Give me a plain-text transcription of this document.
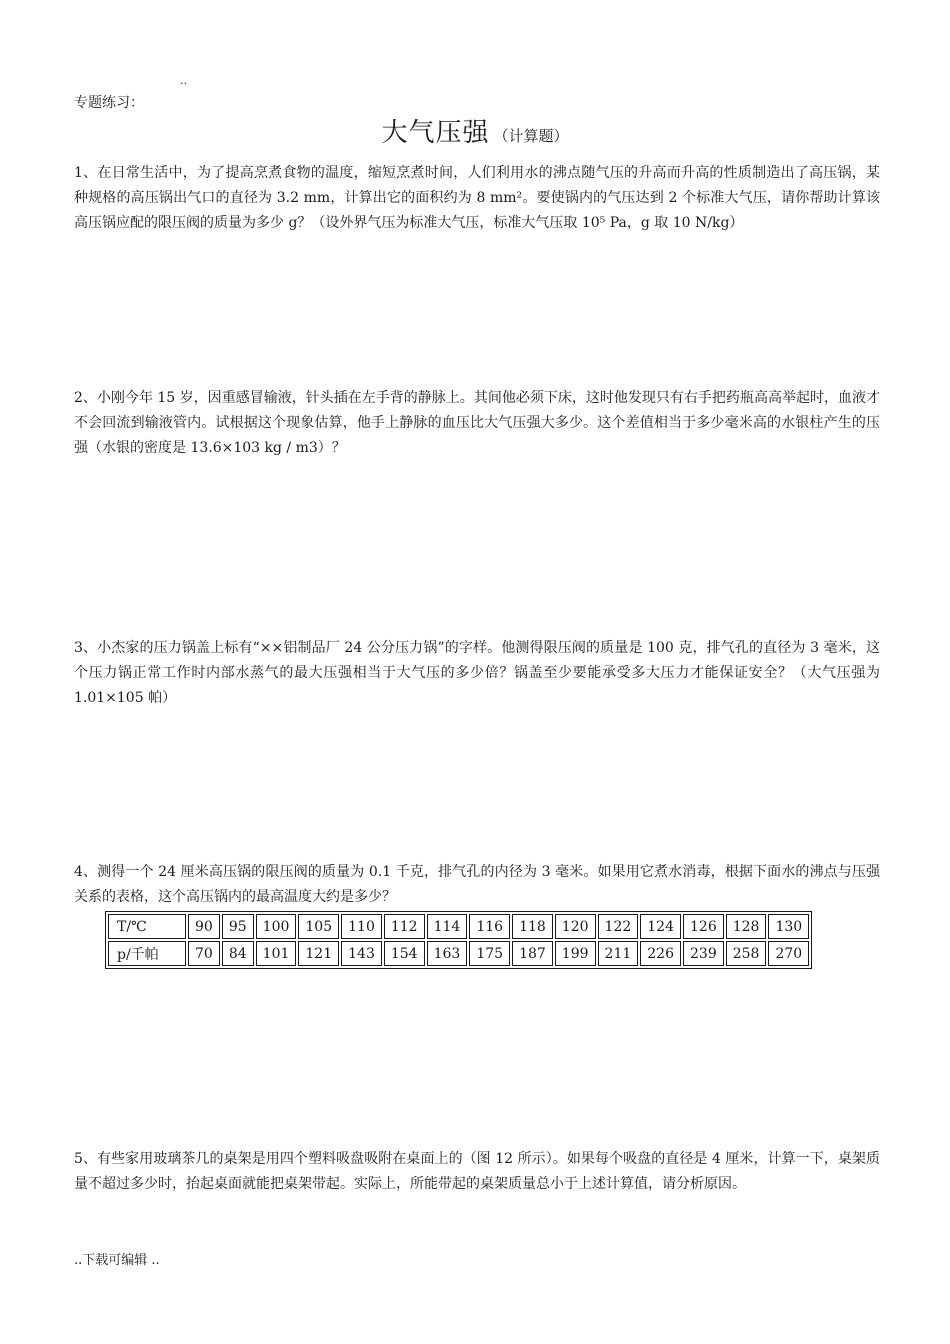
..
专题练习：
大气压强 （计算题）
1、在日常生活中，为了提高烹煮食物的温度，缩短烹煮时间，人们利用水的沸点随气压的升高而升高的性质制造出了高压锅，某种规格的高压锅出气口的直径为 3.2 mm，计算出它的面积约为 8 mm²。要使锅内的气压达到 2 个标准大气压，请你帮助计算该高压锅应配的限压阀的质量为多少 g？（设外界气压为标准大气压，标准大气压取 10⁵ Pa，g 取 10 N/kg）
2、小刚今年 15 岁，因重感冒输液，针头插在左手背的静脉上。其间他必须下床，这时他发现只有右手把药瓶高高举起时，血液才不会回流到输液管内。试根据这个现象估算，他手上静脉的血压比大气压强大多少。这个差值相当于多少毫米高的水银柱产生的压强（水银的密度是 13.6×103 kg / m3）？
3、小杰家的压力锅盖上标有“××铝制品厂 24 公分压力锅”的字样。他测得限压阀的质量是 100 克，排气孔的直径为 3 毫米，这个压力锅正常工作时内部水蒸气的最大压强相当于大气压的多少倍？锅盖至少要能承受多大压力才能保证安全？（大气压强为 1.01×105 帕）
4、测得一个 24 厘米高压锅的限压阀的质量为 0.1 千克，排气孔的内径为 3 毫米。如果用它煮水消毒，根据下面水的沸点与压强关系的表格，这个高压锅内的最高温度大约是多少？
T/℃	90	95	100	105	110	112	114	116	118	120	122	124	126	128	130
p/千帕	70	84	101	121	143	154	163	175	187	199	211	226	239	258	270
5、有些家用玻璃茶几的桌架是用四个塑料吸盘吸附在桌面上的（图 12 所示）。如果每个吸盘的直径是 4 厘米，计算一下，桌架质量不超过多少时，抬起桌面就能把桌架带起。实际上，所能带起的桌架质量总小于上述计算值，请分析原因。
..下载可编辑 ..
